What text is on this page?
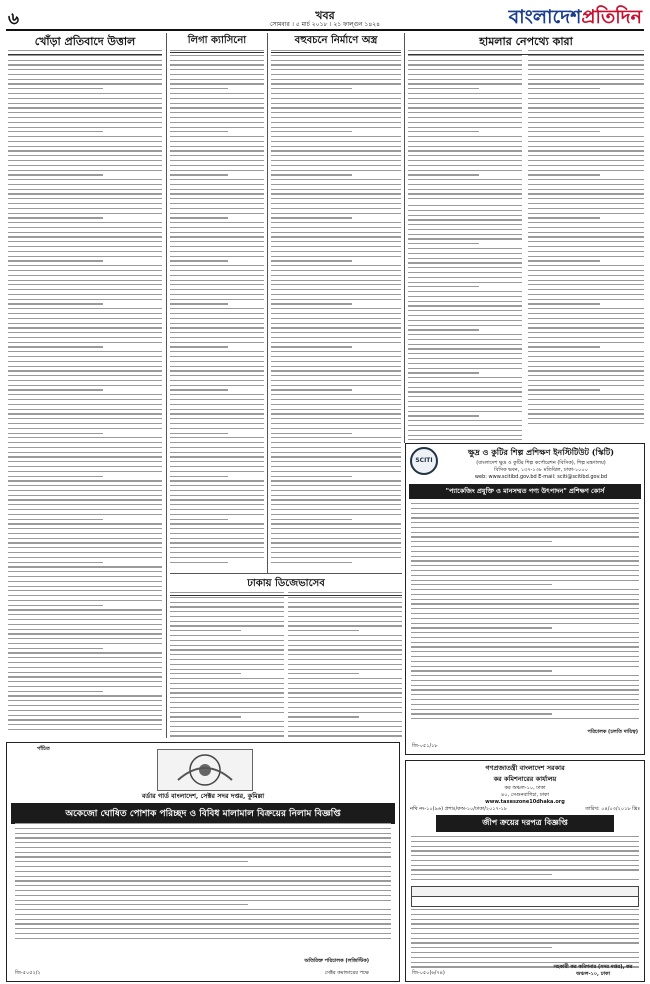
৬	খবর
সোমবার । ৫ মার্চ ২০১৮ । ২১ ফাল্গুন ১৪২৪	বাংলাদেশপ্রতিদিন
খোঁড়া প্রতিবাদে উত্তাল	লিগা ক্যাসিনো	বহুবচনে নির্মাণে অস্ত্র	হামলার নেপথ্যে কারা
SCITI
ক্ষুদ্র ও কুটির শিল্প প্রশিক্ষণ ইনস্টিটিউট (স্কিটি)
(বাংলাদেশ ক্ষুদ্র ও কুটির শিল্প কর্পোরেশন (বিসিক), শিল্প মন্ত্রণালয়)
বিসিক ভবন, ১৩৭-১৩৮ মতিঝিল, ঢাকা-১০০০
web: www.scitibd.gov.bd E-mail: sciti@scitibd.gov.bd
"প্যাকেজিং প্রযুক্তি ও মানসম্মত পণ্য উৎপাদন" প্রশিক্ষণ কোর্স
পরিচালক (চলতি দায়িত্ব)
জি-০৫১/১৮
ঢাকায় ডিজেভাসেব
গণপ্রজাতন্ত্রী বাংলাদেশ সরকার
কর কমিশনারের কার্যালয়
কর অঞ্চল-১০, ঢাকা
৪০, সেগুনবাগিচা, ঢাকা
www.taxeszone10dhaka.org
নথি নং-১০(৯৬) প্রশাঃ/কঅ-১০/ঢাকা/২০১৭-১৮	তারিখ: ০৪/০৩/২০১৮ খ্রিঃ
জীপ ক্রয়ের দরপত্র বিজ্ঞপ্তি
সহকারী কর কমিশনার (সদর দপ্তর), কর অঞ্চল-১০, ঢাকা
জি-০৫০(৬/৭৪)
পাঁচিত
বর্ডার গার্ড বাংলাদেশ, সেক্টর সদর দপ্তর, কুমিল্লা
অকেজো ঘোষিত পোশাক পরিচ্ছদ ও বিবিধ মালামাল বিক্রয়ের নিলাম বিজ্ঞপ্তি
অতিরিক্ত পরিচালক (লজিস্টিক)
জি-৫০৫২/২	সেক্টর কমান্ডারের পক্ষে
